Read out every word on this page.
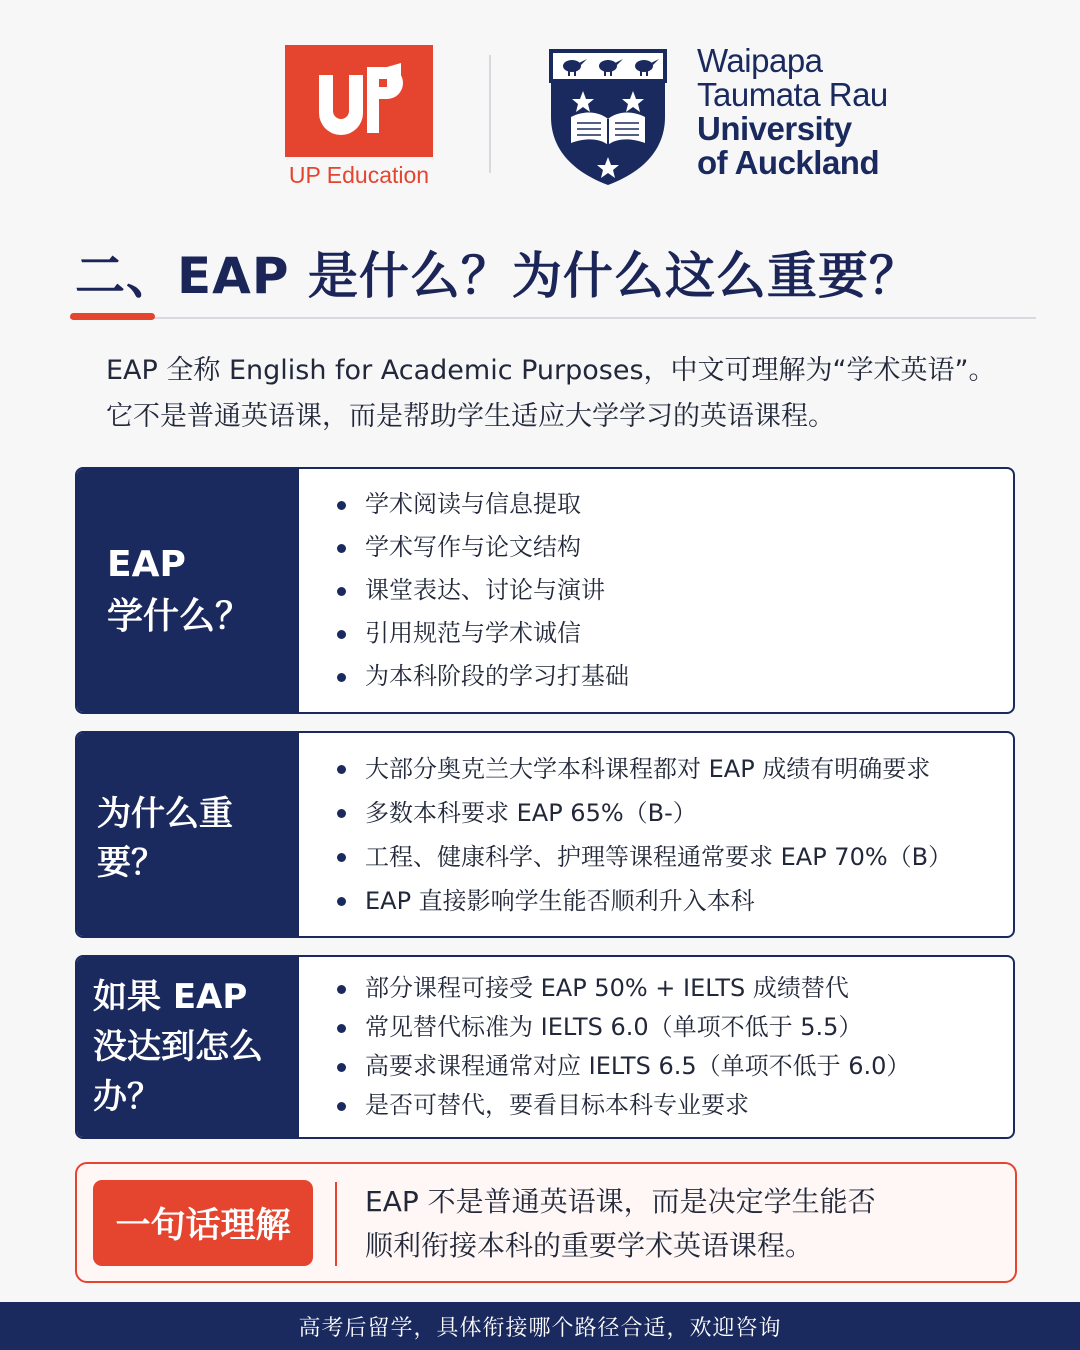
UP Education
Waipapa
Taumata Rau
University
of Auckland
二、EAP 是什么？为什么这么重要？

EAP 全称 English for Academic Purposes，中文可理解为“学术英语”。

它不是普通英语课，而是帮助学生适应大学学习的英语课程。

EAP
学什么？
学术阅读与信息提取
学术写作与论文结构
课堂表达、讨论与演讲
引用规范与学术诚信
为本科阶段的学习打基础
为什么重要？
大部分奥克兰大学本科课程都对 EAP 成绩有明确要求
多数本科要求 EAP 65%（B-）
工程、健康科学、护理等课程通常要求 EAP 70%（B）
EAP 直接影响学生能否顺利升入本科
如果 EAP
没达到怎么办？
部分课程可接受 EAP 50% + IELTS 成绩替代
常见替代标准为 IELTS 6.0（单项不低于 5.5）
高要求课程通常对应 IELTS 6.5（单项不低于 6.0）
是否可替代，要看目标本科专业要求
一句话理解

EAP 不是普通英语课，而是决定学生能否

顺利衔接本科的重要学术英语课程。

高考后留学，具体衔接哪个路径合适，欢迎咨询
